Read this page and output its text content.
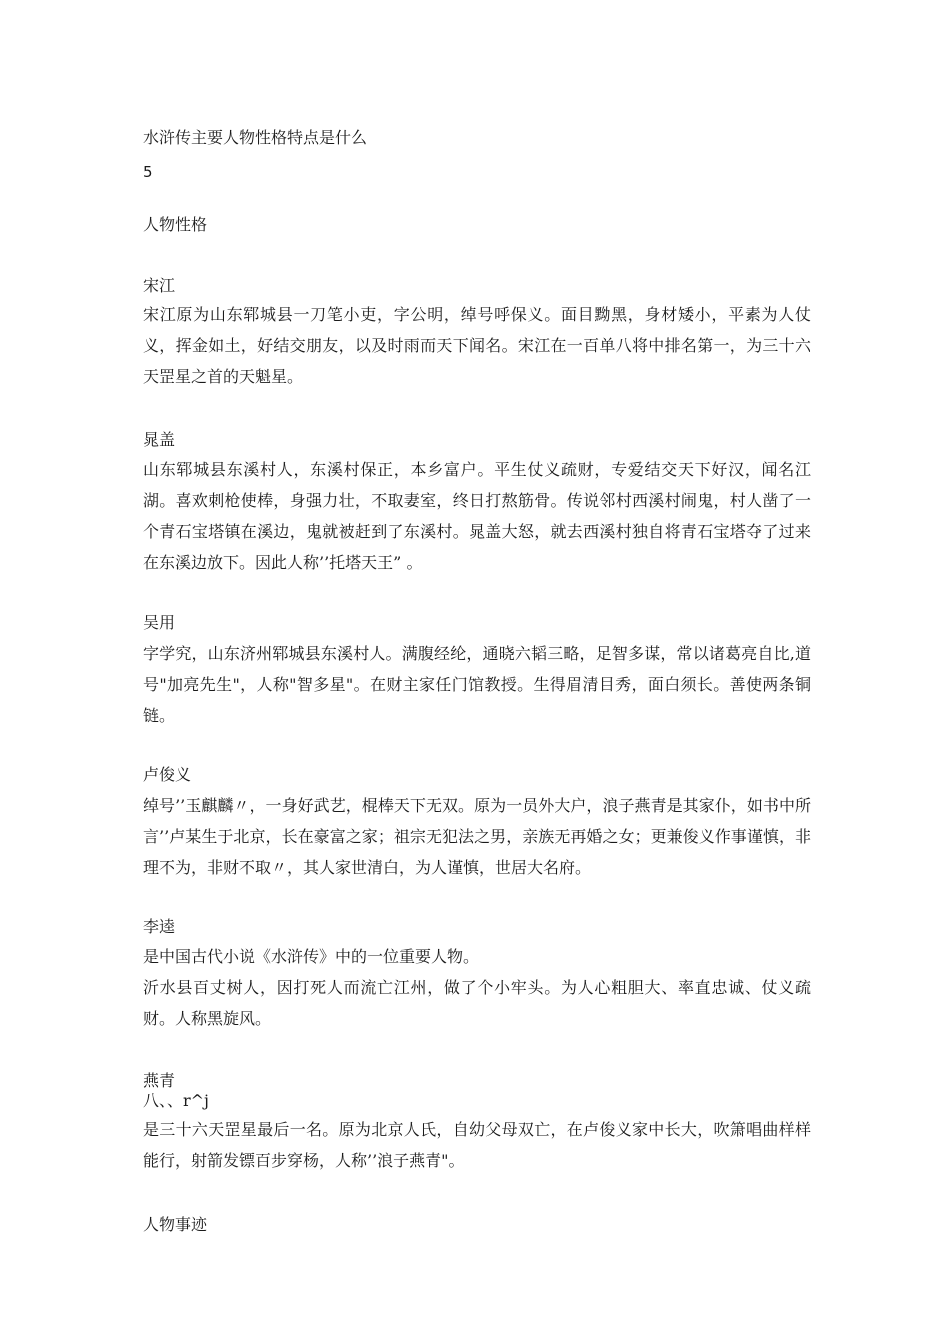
水浒传主要人物性格特点是什么
5
人物性格
宋江

宋江原为山东郓城县一刀笔小吏，字公明，绰号呼保义。面目黝黑，身材矮小，平素为人仗义，挥金如土，好结交朋友，以及时雨而天下闻名。宋江在一百单八将中排名第一，为三十六天罡星之首的天魁星。

晁盖

山东郓城县东溪村人，东溪村保正，本乡富户。平生仗义疏财，专爱结交天下好汉，闻名江湖。喜欢刺枪使棒，身强力壮，不取妻室，终日打熬筋骨。传说邻村西溪村闹鬼，村人凿了一个青石宝塔镇在溪边，鬼就被赶到了东溪村。晁盖大怒，就去西溪村独自将青石宝塔夺了过来在东溪边放下。因此人称’’托塔天王” 。

吴用

字学究，山东济州郓城县东溪村人。满腹经纶，通晓六韬三略，足智多谋，常以诸葛亮自比,道号"加亮先生"，人称"智多星"。在财主家任门馆教授。生得眉清目秀，面白须长。善使两条铜链。

卢俊义

绰号’’玉麒麟〃，一身好武艺，棍棒天下无双。原为一员外大户，浪子燕青是其家仆，如书中所言’’卢某生于北京，长在豪富之家；祖宗无犯法之男，亲族无再婚之女；更兼俊义作事谨慎，非理不为，非财不取〃，其人家世清白，为人谨慎，世居大名府。

李逵

是中国古代小说《水浒传》中的一位重要人物。

沂水县百丈树人，因打死人而流亡江州，做了个小牢头。为人心粗胆大、率直忠诚、仗义疏财。人称黑旋风。

燕青
八、、r^j

是三十六天罡星最后一名。原为北京人氏，自幼父母双亡，在卢俊义家中长大，吹箫唱曲样样能行，射箭发镖百步穿杨，人称’’浪子燕青"。

人物事迹
